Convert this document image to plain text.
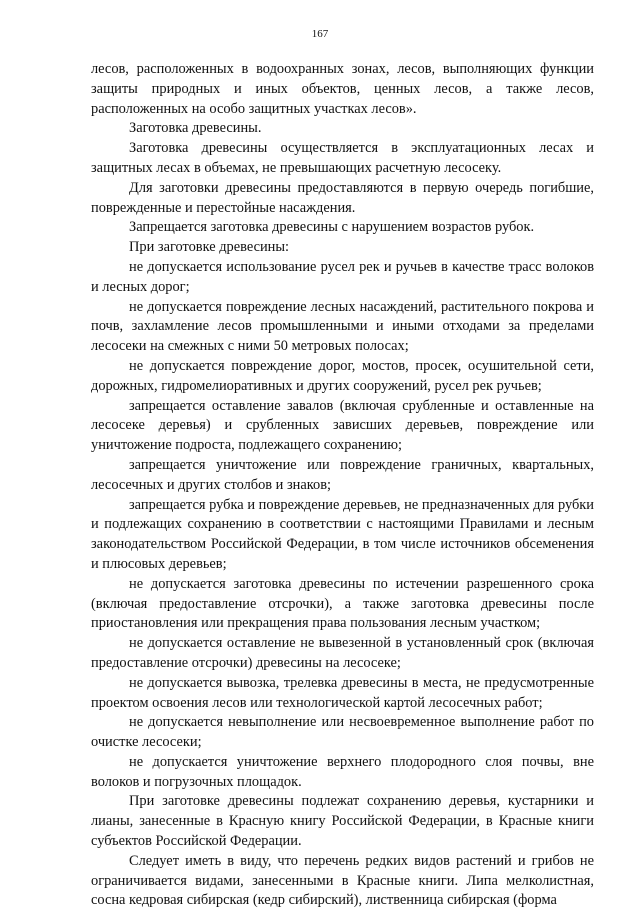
167

лесов, расположенных в водоохранных зонах, лесов, выполняющих функции защиты природных и иных объектов, ценных лесов, а также лесов, расположенных на особо защитных участках лесов».

Заготовка древесины.

Заготовка древесины осуществляется в эксплуатационных лесах и защитных лесах в объемах, не превышающих расчетную лесосеку.

Для заготовки древесины предоставляются в первую очередь погибшие, поврежденные и перестойные насаждения.

Запрещается заготовка древесины с нарушением возрастов рубок.

При заготовке древесины:

не допускается использование русел рек и ручьев в качестве трасс волоков и лесных дорог;

не допускается повреждение лесных насаждений, растительного покрова и почв, захламление лесов промышленными и иными отходами за пределами лесосеки на смежных с ними 50 метровых полосах;

не допускается повреждение дорог, мостов, просек, осушительной сети, дорожных, гидромелиоративных и других сооружений, русел рек ручьев;

запрещается оставление завалов (включая срубленные и оставленные на лесосеке деревья) и срубленных зависших деревьев, повреждение или уничтожение подроста, подлежащего сохранению;

запрещается уничтожение или повреждение граничных, квартальных, лесосечных и других столбов и знаков;

запрещается рубка и повреждение деревьев, не предназначенных для рубки и подлежащих сохранению в соответствии с настоящими Правилами и лесным законодательством Российской Федерации, в том числе источников обсеменения и плюсовых деревьев;

не допускается заготовка древесины по истечении разрешенного срока (включая предоставление отсрочки), а также заготовка древесины после приостановления или прекращения права пользования лесным участком;

не допускается оставление не вывезенной в установленный срок (включая предоставление отсрочки) древесины на лесосеке;

не допускается вывозка, трелевка древесины в места, не предусмотренные проектом освоения лесов или технологической картой лесосечных работ;

не допускается невыполнение или несвоевременное выполнение работ по очистке лесосеки;

не допускается уничтожение верхнего плодородного слоя почвы, вне волоков и погрузочных площадок.

При заготовке древесины подлежат сохранению деревья, кустарники и лианы, занесенные в Красную книгу Российской Федерации, в Красные книги субъектов Российской Федерации.

Следует иметь в виду, что перечень редких видов растений и грибов не ограничивается видами, занесенными в Красные книги. Липа мелколистная, сосна кедровая сибирская (кедр сибирский), лиственница сибирская (форма
